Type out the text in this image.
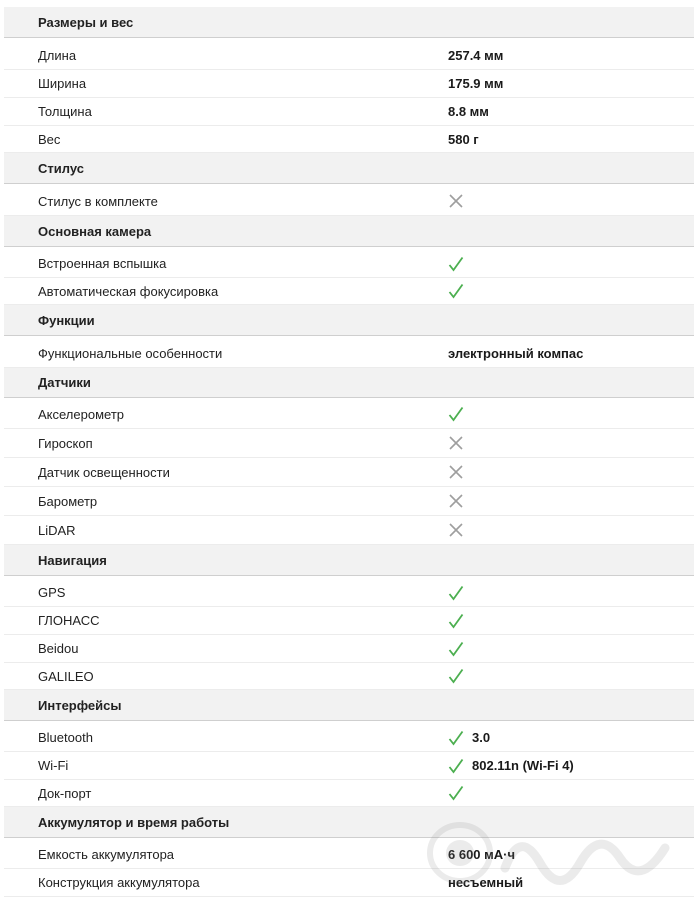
Размеры и вес
Длина	257.4 мм
Ширина	175.9 мм
Толщина	8.8 мм
Вес	580 г
Стилус
Стилус в комплекте
Основная камера
Встроенная вспышка
Автоматическая фокусировка
Функции
Функциональные особенности	электронный компас
Датчики
Акселерометр
Гироскоп
Датчик освещенности
Барометр
LiDAR
Навигация
GPS
ГЛОНАСС
Beidou
GALILEO
Интерфейсы
Bluetooth	3.0
Wi-Fi	802.11n (Wi-Fi 4)
Док-порт
Аккумулятор и время работы
Емкость аккумулятора	6 600 мА·ч
Конструкция аккумулятора	несъемный
